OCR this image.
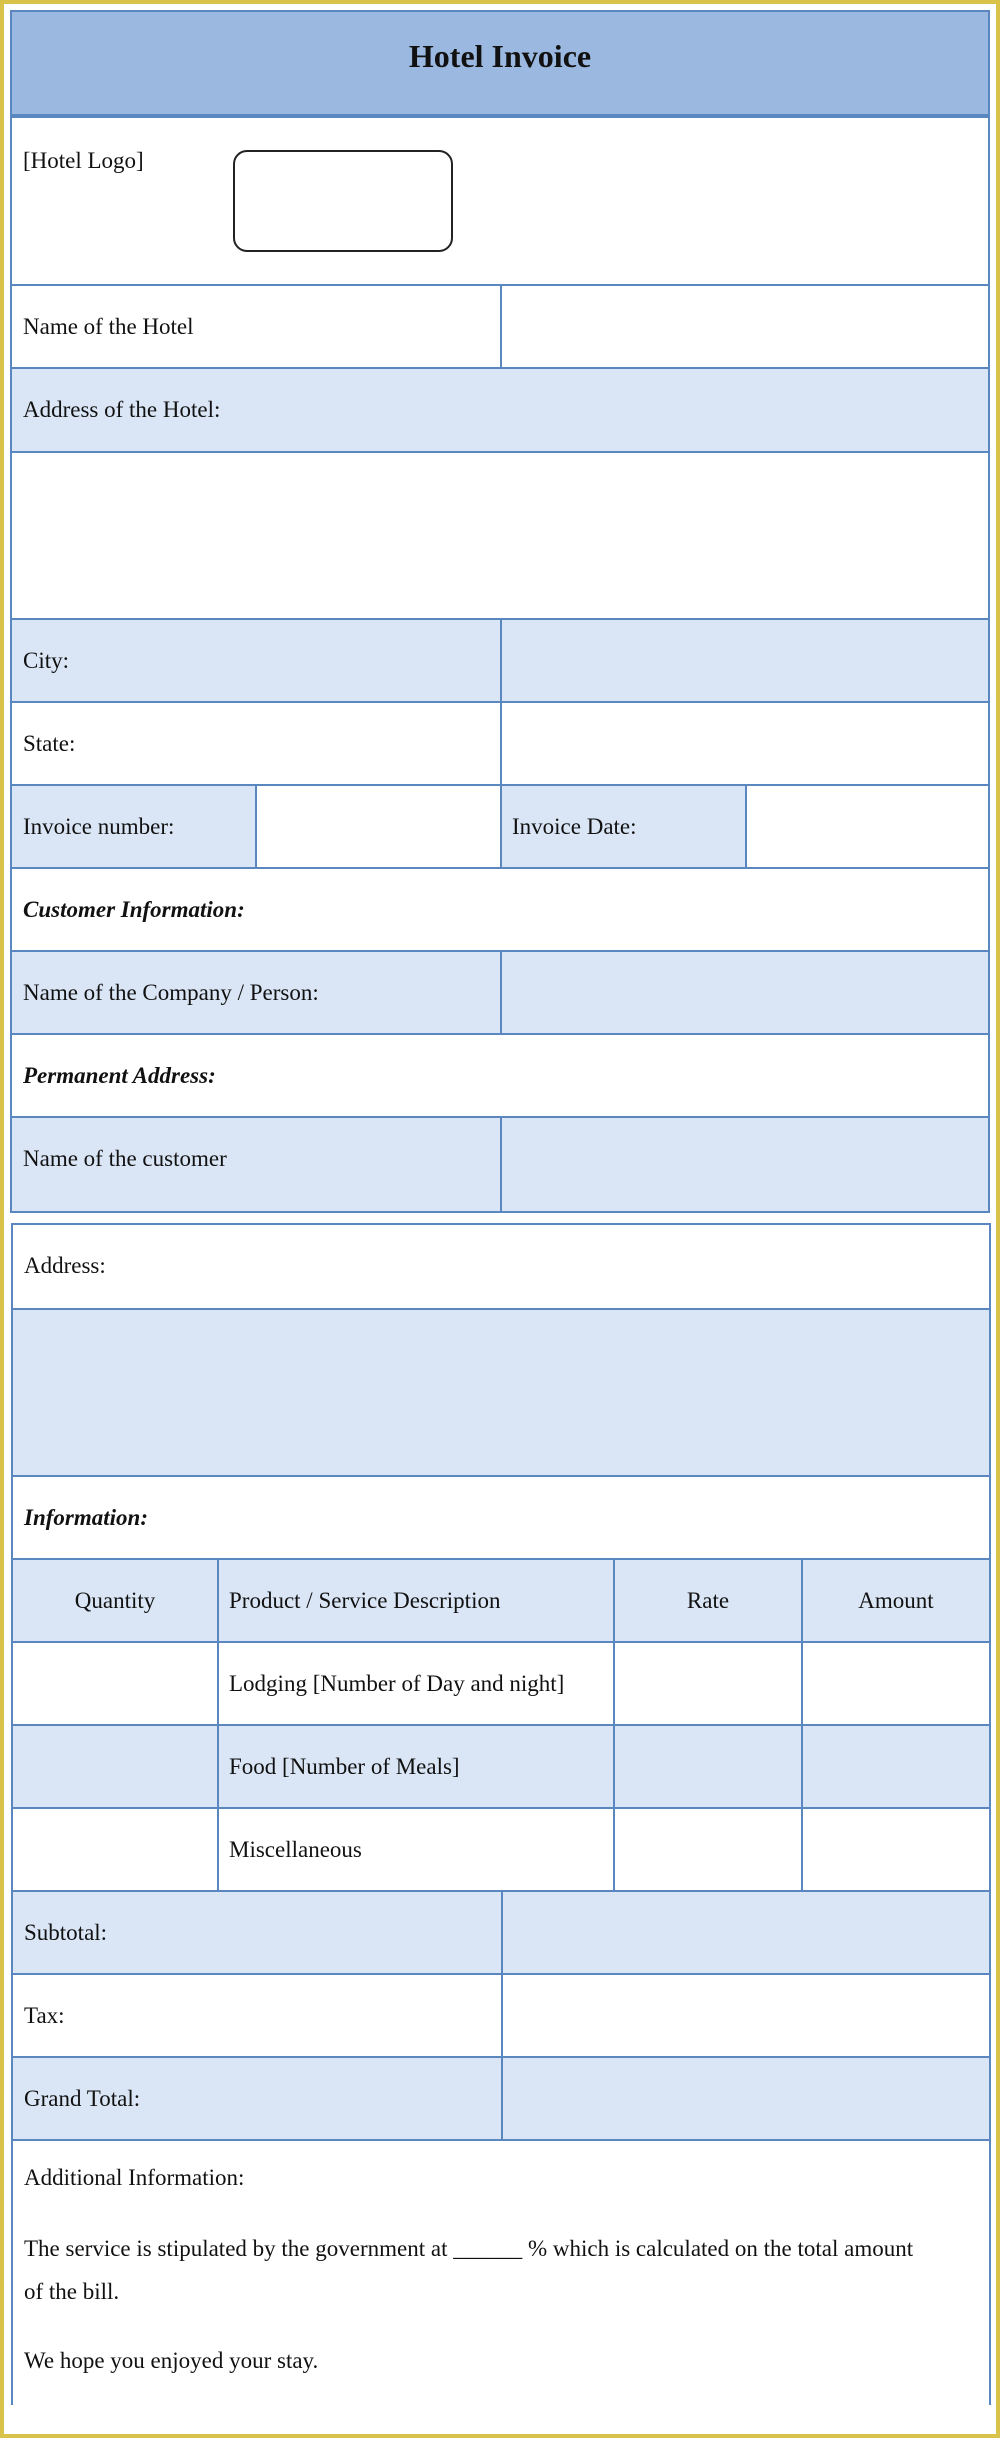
Hotel Invoice
[Hotel Logo]
Name of the Hotel
Address of the Hotel:
City:
State:
Invoice number:	Invoice Date:
Customer Information:
Name of the Company / Person:
Permanent Address:
Name of the customer
Address:
Information:
Quantity	Product / Service Description	Rate	Amount
Lodging [Number of Day and night]
Food [Number of Meals]
Miscellaneous
Subtotal:
Tax:
Grand Total:
Additional Information:
The service is stipulated by the government at ______ % which is calculated on the total amount
of the bill.
We hope you enjoyed your stay.
